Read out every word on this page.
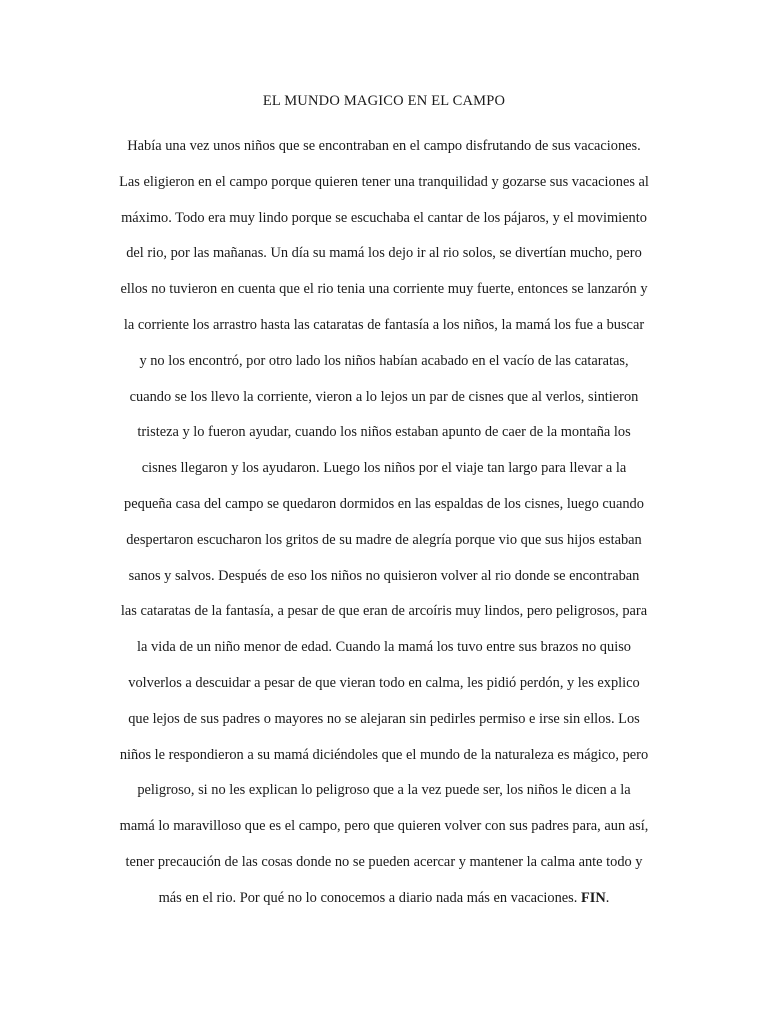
EL MUNDO MAGICO EN EL CAMPO
Había una vez unos niños que se encontraban en el campo disfrutando de sus vacaciones.
Las eligieron en el campo porque quieren tener una tranquilidad y gozarse sus vacaciones al
máximo. Todo era muy lindo porque se escuchaba el cantar de los pájaros, y el movimiento
del rio, por las mañanas. Un día su mamá los dejo ir al rio solos, se divertían mucho, pero
ellos no tuvieron en cuenta que el rio tenia una corriente muy fuerte, entonces se lanzarón y
la corriente los arrastro hasta las cataratas de fantasía a los niños, la mamá los fue a buscar
y no los encontró, por otro lado los niños habían acabado en el vacío de las cataratas,
cuando se los llevo la corriente, vieron a lo lejos un par de cisnes que al verlos, sintieron
tristeza y lo fueron ayudar, cuando los niños estaban apunto de caer de la montaña los
cisnes llegaron y los ayudaron. Luego los niños por el viaje tan largo para llevar a la
pequeña casa del campo se quedaron dormidos en las espaldas de los cisnes, luego cuando
despertaron escucharon los gritos de su madre de alegría porque vio que sus hijos estaban
sanos y salvos. Después de eso los niños no quisieron volver al rio donde se encontraban
las cataratas de la fantasía, a pesar de que eran de arcoíris muy lindos, pero peligrosos, para
la vida de un niño menor de edad. Cuando la mamá los tuvo entre sus brazos no quiso
volverlos a descuidar a pesar de que vieran todo en calma, les pidió perdón, y les explico
que lejos de sus padres o mayores no se alejaran sin pedirles permiso e irse sin ellos. Los
niños le respondieron a su mamá diciéndoles que el mundo de la naturaleza es mágico, pero
peligroso, si no les explican lo peligroso que a la vez puede ser, los niños le dicen a la
mamá lo maravilloso que es el campo, pero que quieren volver con sus padres para, aun así,
tener precaución de las cosas donde no se pueden acercar y mantener la calma ante todo y
más en el rio. Por qué no lo conocemos a diario nada más en vacaciones. FIN.
